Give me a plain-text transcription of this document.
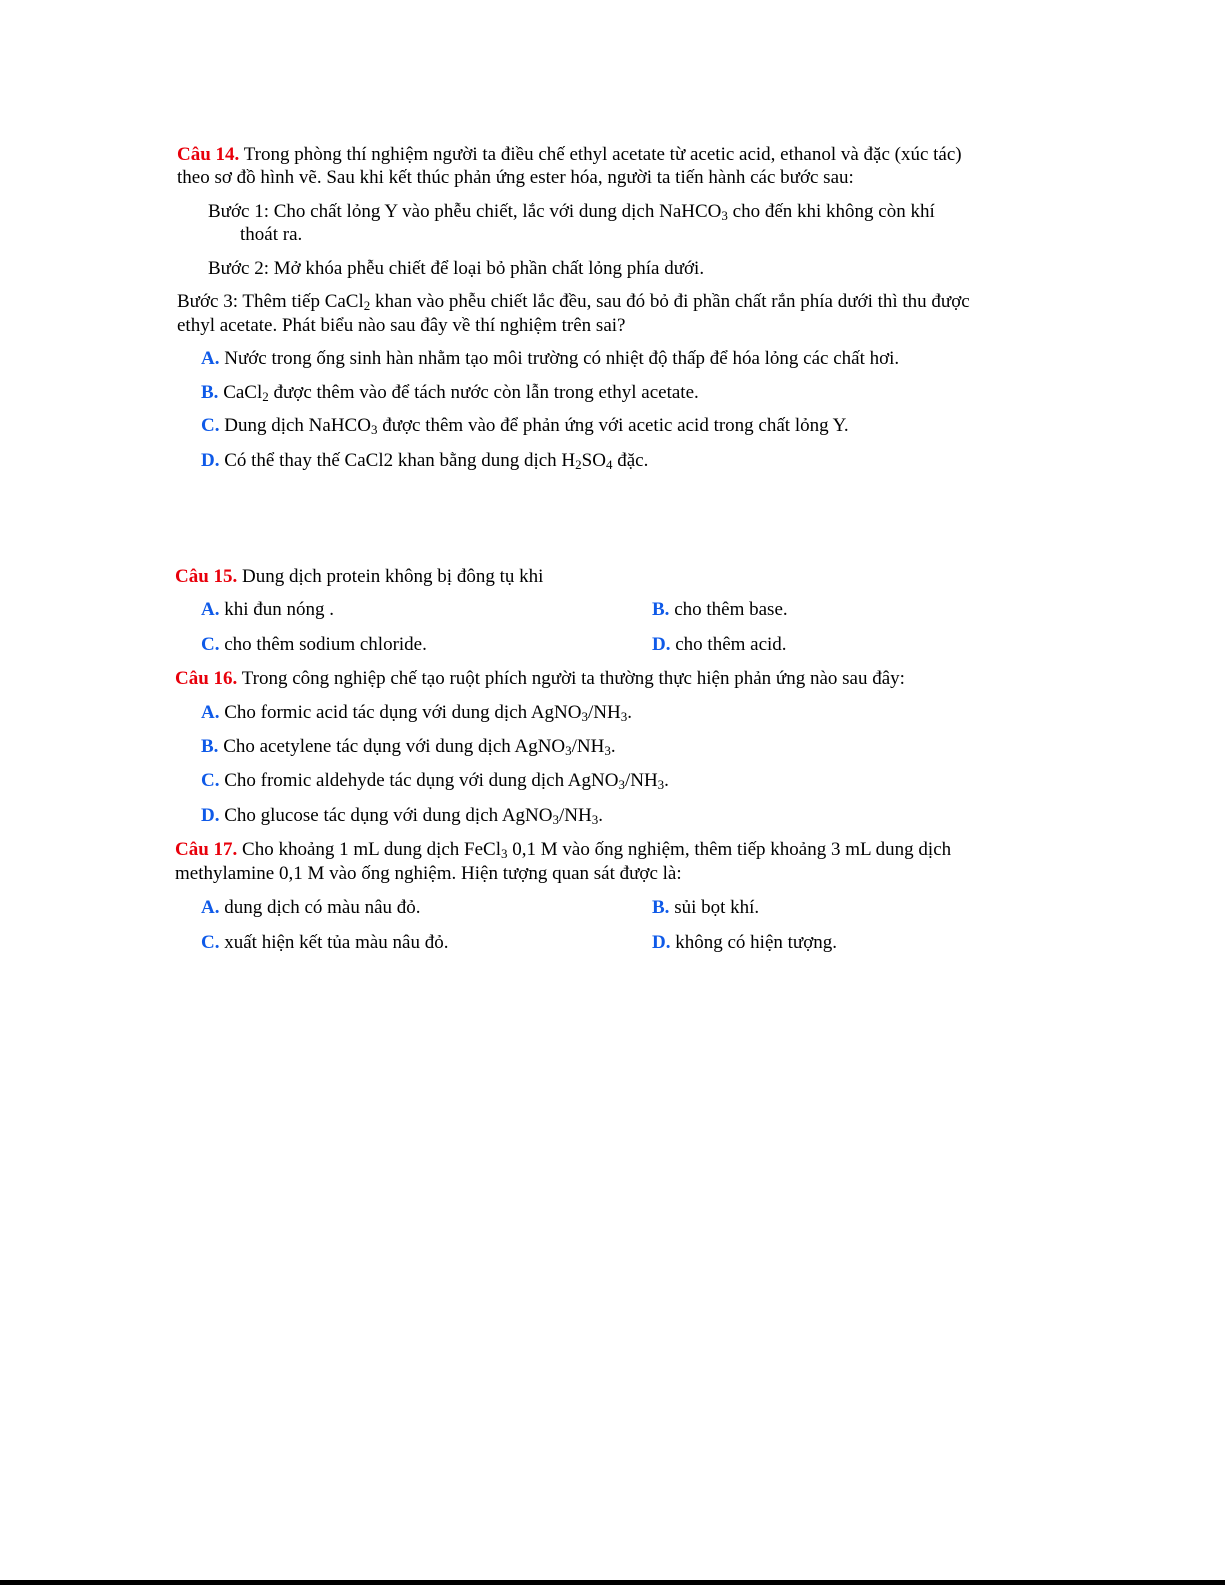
Câu 14. Trong phòng thí nghiệm người ta điều chế ethyl acetate từ acetic acid, ethanol và đặc (xúc tác)
theo sơ đồ hình vẽ. Sau khi kết thúc phản ứng ester hóa, người ta tiến hành các bước sau:
Bước 1: Cho chất lỏng Y vào phễu chiết, lắc với dung dịch NaHCO$_3$ cho đến khi không còn khí
thoát ra.
Bước 2: Mở khóa phễu chiết để loại bỏ phần chất lỏng phía dưới.
Bước 3: Thêm tiếp CaCl$_2$ khan vào phễu chiết lắc đều, sau đó bỏ đi phần chất rắn phía dưới thì thu được
ethyl acetate. Phát biểu nào sau đây về thí nghiệm trên sai?
A. Nước trong ống sinh hàn nhằm tạo môi trường có nhiệt độ thấp để hóa lỏng các chất hơi.
B. CaCl$_2$ được thêm vào để tách nước còn lẫn trong ethyl acetate.
C. Dung dịch NaHCO$_3$ được thêm vào để phản ứng với acetic acid trong chất lỏng Y.
D. Có thể thay thế CaCl2 khan bằng dung dịch $H_2SO_4$ đặc.
Câu 15. Dung dịch protein không bị đông tụ khi
A. khi đun nóng .	B. cho thêm base.
C. cho thêm sodium chloride.	D. cho thêm acid.
Câu 16. Trong công nghiệp chế tạo ruột phích người ta thường thực hiện phản ứng nào sau đây:
A. Cho formic acid tác dụng với dung dịch $AgNO_3/NH_3$.
B. Cho acetylene tác dụng với dung dịch $AgNO_3/NH_3$.
C. Cho fromic aldehyde tác dụng với dung dịch $AgNO_3/NH_3$.
D. Cho glucose tác dụng với dung dịch $AgNO_3/NH_3$.
Câu 17. Cho khoảng 1 mL dung dịch FeCl$_3$ 0,1 M vào ống nghiệm, thêm tiếp khoảng 3 mL dung dịch
methylamine 0,1 M vào ống nghiệm. Hiện tượng quan sát được là:
A. dung dịch có màu nâu đỏ.	B. sủi bọt khí.
C. xuất hiện kết tủa màu nâu đỏ.	D. không có hiện tượng.
